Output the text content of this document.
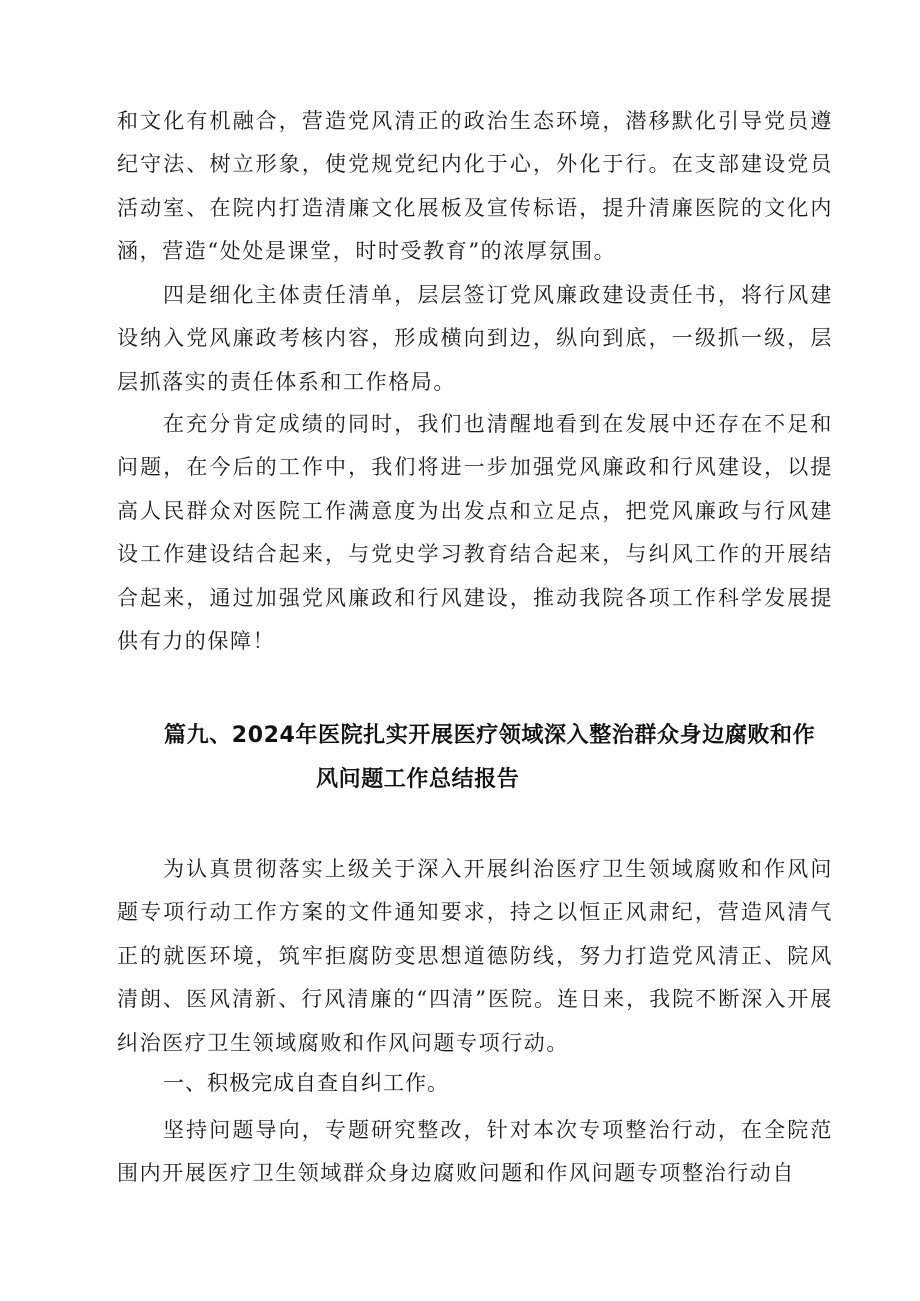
和文化有机融合，营造党风清正的政治生态环境，潜移默化引导党员遵纪守法、树立形象，使党规党纪内化于心，外化于行。在支部建设党员活动室、在院内打造清廉文化展板及宣传标语，提升清廉医院的文化内涵，营造“处处是课堂，时时受教育”的浓厚氛围。

四是细化主体责任清单，层层签订党风廉政建设责任书，将行风建设纳入党风廉政考核内容，形成横向到边，纵向到底，一级抓一级，层层抓落实的责任体系和工作格局。

在充分肯定成绩的同时，我们也清醒地看到在发展中还存在不足和问题，在今后的工作中，我们将进一步加强党风廉政和行风建设，以提高人民群众对医院工作满意度为出发点和立足点，把党风廉政与行风建设工作建设结合起来，与党史学习教育结合起来，与纠风工作的开展结合起来，通过加强党风廉政和行风建设，推动我院各项工作科学发展提供有力的保障！

篇九、2024年医院扎实开展医疗领域深入整治群众身边腐败和作
风问题工作总结报告

为认真贯彻落实上级关于深入开展纠治医疗卫生领域腐败和作风问题专项行动工作方案的文件通知要求，持之以恒正风肃纪，营造风清气正的就医环境，筑牢拒腐防变思想道德防线，努力打造党风清正、院风清朗、医风清新、行风清廉的“四清”医院。连日来，我院不断深入开展纠治医疗卫生领域腐败和作风问题专项行动。

一、积极完成自查自纠工作。

坚持问题导向，专题研究整改，针对本次专项整治行动，在全院范围内开展医疗卫生领域群众身边腐败问题和作风问题专项整治行动自
